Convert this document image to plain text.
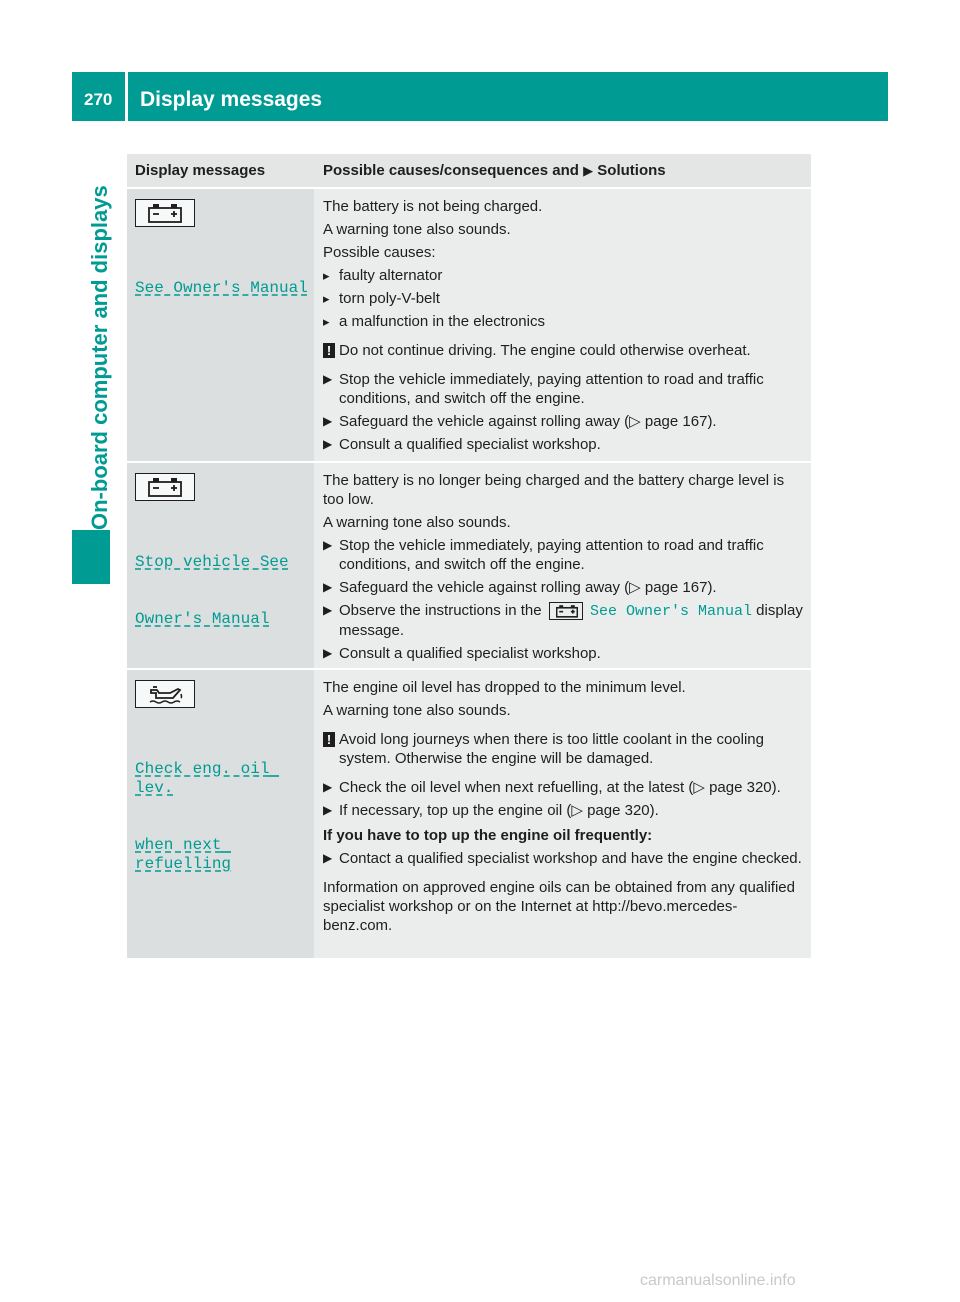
270 Display messages
On-board computer and displays
Display messages	Possible causes/consequences and ▶ Solutions

See Owner's Manual

The battery is not being charged.

A warning tone also sounds.

Possible causes:

▸ faulty alternator
▸ torn poly-V-belt
▸ a malfunction in the electronics
! Do not continue driving. The engine could otherwise overheat.
▶ Stop the vehicle immediately, paying attention to road and traffic conditions, and switch off the engine.
▶ Safeguard the vehicle against rolling away (▷ page 167).
▶ Consult a qualified specialist workshop.

Stop vehicle See

Owner's Manual

The battery is no longer being charged and the battery charge level is too low.

A warning tone also sounds.

▶ Stop the vehicle immediately, paying attention to road and traffic conditions, and switch off the engine.
▶ Safeguard the vehicle against rolling away (▷ page 167).
▶ Observe the instructions in the	See Owner's Manual display message.
▶ Consult a qualified specialist workshop.

Check eng. oil lev.

when next refuelling

The engine oil level has dropped to the minimum level.

A warning tone also sounds.

! Avoid long journeys when there is too little coolant in the cooling system. Otherwise the engine will be damaged.
▶ Check the oil level when next refuelling, at the latest (▷ page 320).
▶ If necessary, top up the engine oil (▷ page 320).
If you have to top up the engine oil frequently:
▶ Contact a qualified specialist workshop and have the engine checked.

Information on approved engine oils can be obtained from any qualified specialist workshop or on the Internet at http://bevo.mercedes-benz.com.

carmanualsonline.info
